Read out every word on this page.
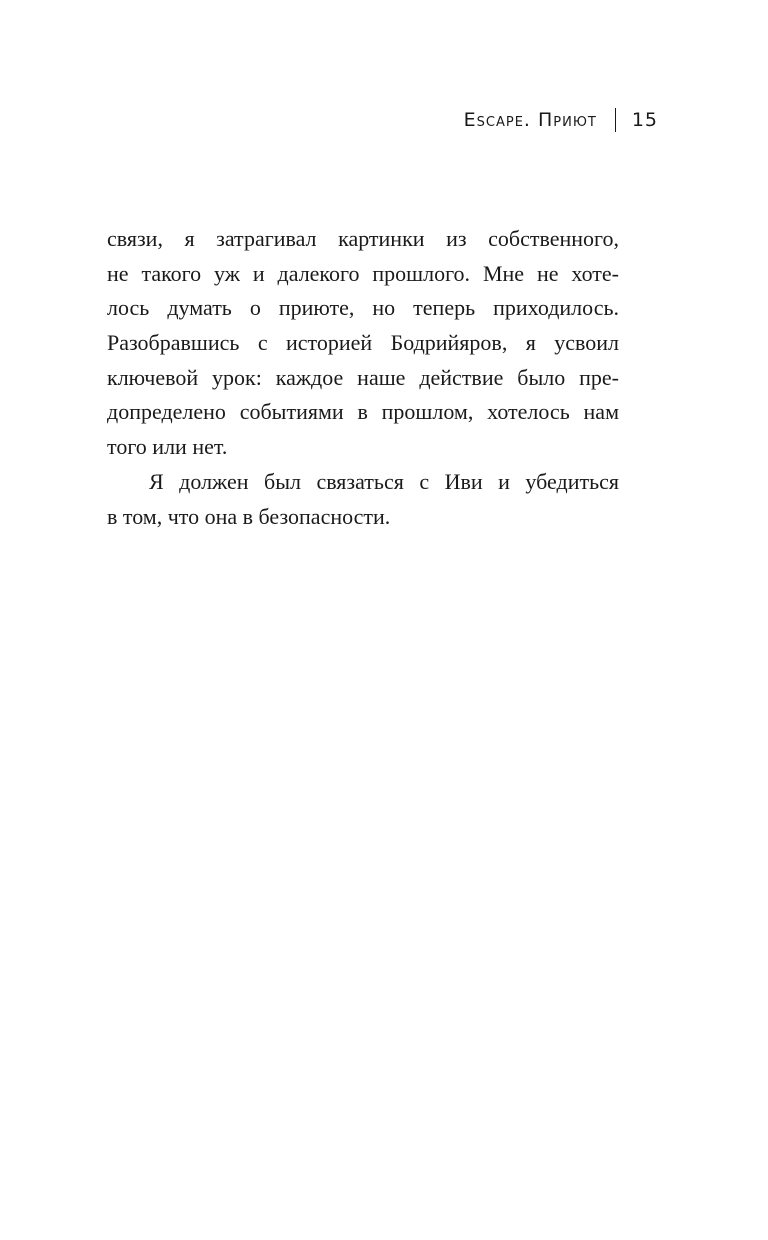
Escape. Приют 15
связи, я затрагивал картинки из собственного,
не такого уж и далекого прошлого. Мне не хоте-
лось думать о приюте, но теперь приходилось.
Разобравшись с историей Бодрийяров, я усвоил
ключевой урок: каждое наше действие было пре-
допределено событиями в прошлом, хотелось нам
того или нет.
Я должен был связаться с Иви и убедиться
в том, что она в безопасности.
